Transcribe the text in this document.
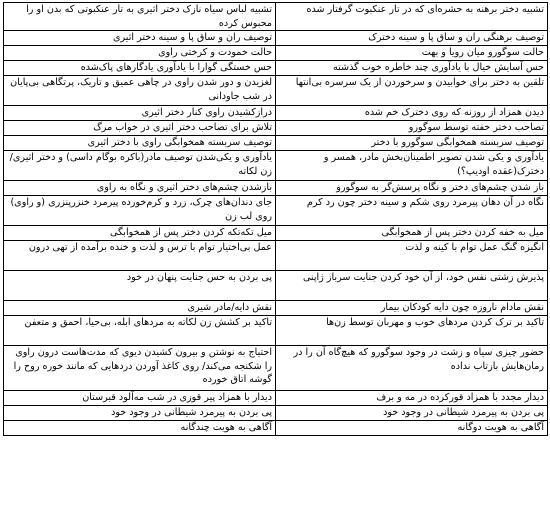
تشبیه دختر برهنه به حشره‌ای که در تار عنکبوت گرفتار شده	تشبیه لباس سیاه نازک دختر اثیری به تار عنکبوتی که بدن او را محبوس کرده
توصیف برهنگی ران و ساق پا و سینه دخترک	توصیف ران و ساق پا و سینه دختر اثیری
حالت سوگورو میان رویا و بهت	حالت خمودت و کرختی راوی
حس آسایش خیال با یادآوری چند خاطره خوب گذشته	حس خستگی گوارا با یادآوری یادگارهای پاک‌شده
تلقین به دختر برای خوابیدن و سرخوردن از یک سرسره بی‌انتها	لغزیدن و دور شدن راوی در چاهی عمیق و تاریک، پرتگاهی بی‌پایان در شب جاودانی
دیدن همزاد از روزنه که روی دخترک خم شده	درازکشیدن راوی کنار دختر اثیری
تصاحب دختر خفته توسط سوگورو	تلاش برای تصاحب دختر اثیری در خواب مرگ
توصیف سربسته همخوابگی سوگورو با دختر	توصیف سربسته همخوابگی راوی با دختر اثیری
یادآوری و یکی شدن تصویر اطمینان‌بخش مادر، همسر و دخترک(عقده اودیپ؟)	یادآوری و یکی‌شدن توصیف مادر(باکره بوگام داسی) و دختر اثیری/زن لکاته
باز شدن چشم‌های دختر و نگاه پرسش‌گر به سوگورو	بازشدن چشم‌های دختر اثیری و نگاه به راوی
نگاه در آن دهان پیرمرد روی شکم و سینه دختر چون رد کرم	جای دندان‌های چرک، زرد و کرم‌خورده پیرمرد خنزرپنزری (و راوی) روی لب زن
میل به خفه کردن دختر پس از همخوابگی	میل تکه‌تکه کردن دختر پس از همخوابگی
انگیزه گنگ عمل توام با کینه و لذت	عمل بی‌اختیار توام با ترس و لذت و خنده برآمده از تهی درون
پذیرش زشتی نفس خود، از آن خود کردن جنایت سرباز ژاپنی	پی بردن به حس جنایت پنهان در خود
نقش مادام ناروزه چون دایه کودکان بیمار	نقش دایه/مادر شیری
تاکید بر ترک کردن مردهای خوب و مهربان توسط زن‌ها	تاکید بر کشش زن لکاته به مردهای ابله، بی‌حیا، احمق و متعفن
حضور چیزی سیاه و زشت در وجود سوگورو که هیچ‌گاه آن را در رمان‌هایش بازتاب نداده	احتیاج به نوشتن و بیرون کشیدن دیوی که مدت‌هاست درون راوی را شکنجه می‌کند/ روی کاغذ آوردن دردهایی که مانند خوره روح را گوشه اتاق خورده
دیدار مجدد با همزاد قورکرده در مه و برف	دیدار با همزاد پیر قوزی در شب مه‌آلود قبرستان
پی بردن به پیرمرد شیطانی در وجود خود	پی بردن به پیرمرد شیطانی در وجود خود
آگاهی به هویت دوگانه	آگاهی به هویت چندگانه
